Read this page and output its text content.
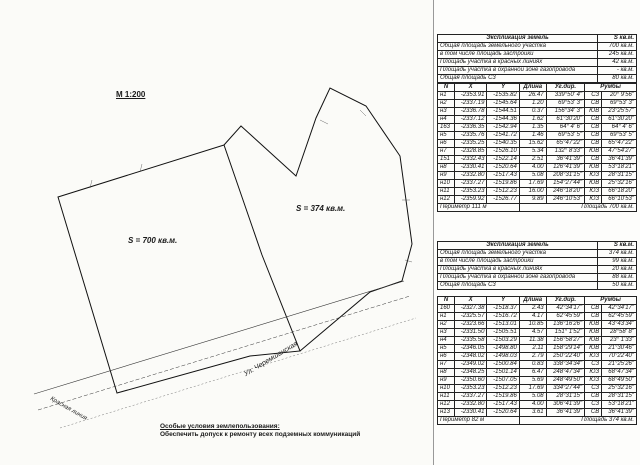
М 1:200
S = 700 кв.м.
S = 374 кв.м.
Ул. Черемшанская
Красная линия
Особые условия землепользования:
Обеспечить допуск к ремонту всех подземных коммуникаций
Экспликация земель	S кв.м.
Общая площадь земельного участка	700 кв.м.
в том числе площадь застройки	245 кв.м.
Площадь участка в красных линиях	42 кв.м.
Площадь участка в охранной зоне газопровода	- кв.м.
Общая площадь С3	80 кв.м.
N	X	Y	Длина	Уг.дир.	Румбы	
н1	-2353.91	-1535.82	26.47	339°50' 4"	СЗ	20° 9'56"
н2	-2337.19	-1545.64	1.20	69°53' 3"	СВ	69°53' 3"
н3	-2336.78	-1544.51	0.37	156°34' 3"	ЮВ	23°25'57"
н4	-2337.12	-1544.36	1.62	61°30'20"	СВ	61°30'20"
163	-2336.35	-1542.94	1.35	64° 4' 6"	СВ	64° 4' 6"
н5	-2335.76	-1541.72	1.46	69°53' 5"	СВ	69°53' 5"
н6	-2335.25	-1540.35	15.62	65°47'22"	СВ	65°47'22"
н7	-2328.85	-1526.10	5.34	132° 8'33"	ЮВ	47°54'27"
151	-2332.43	-1522.14	2.51	36°41'39"	СВ	36°41'39"
н8	-2330.41	-1520.64	4.00	126°41'39"	ЮВ	53°18'21"
н9	-2332.80	-1517.43	5.08	208°31'15"	ЮЗ	28°31'15"
н10	-2337.27	-1519.86	17.69	154°27'44"	ЮВ	25°32'16"
н11	-2353.23	-1512.23	16.00	246°18'20"	ЮЗ	66°18'20"
н12	-2359.92	-1526.77	9.89	246°10'53"	ЮЗ	66°10'53"
Периметр 111 м			Площадь 700 кв.м.			
Экспликация земель	S кв.м.
Общая площадь земельного участка	374 кв.м.
в том числе площадь застройки	99 кв.м.
Площадь участка в красных линиях	20 кв.м.
Площадь участка в охранной зоне газопровода	88 кв.м.
Общая площадь С3	50 кв.м.
N	X	Y	Длина	Уг.дир.	Румбы	
160	-2327.38	-1518.37	2.43	42°34'17"	СВ	42°34'17"
н1	-2325.57	-1516.72	4.17	62°45'59"	СВ	62°45'59"
н2	-2323.66	-1513.01	10.85	136°16'26"	ЮВ	43°43'34"
н3	-2331.50	-1505.51	4.57	151° 1'52"	ЮВ	28°58' 8"
н4	-2335.58	-1503.29	11.38	156°58'27"	ЮВ	23° 1'33"
н5	-2346.05	-1498.80	2.11	158°29'14"	ЮВ	21°30'46"
н6	-2348.02	-1498.03	2.79	250°22'40"	ЮЗ	70°22'40"
н7	-2349.02	-1500.84	0.83	338°34'34"	СЗ	21°25'26"
н8	-2348.25	-1501.14	6.47	248°47'34"	ЮЗ	68°47'34"
н9	-2350.60	-1507.05	5.69	248°49'50"	ЮЗ	68°49'50"
н10	-2353.23	-1512.23	17.69	334°27'44"	СЗ	25°32'16"
н11	-2337.27	-1519.86	5.08	28°31'15"	СВ	28°31'15"
н12	-2332.80	-1517.43	4.00	306°41'39"	СЗ	53°18'21"
н13	-2330.41	-1520.64	3.61	36°41'39"	СВ	36°41'39"
Периметр 82 м			Площадь 374 кв.м.			
